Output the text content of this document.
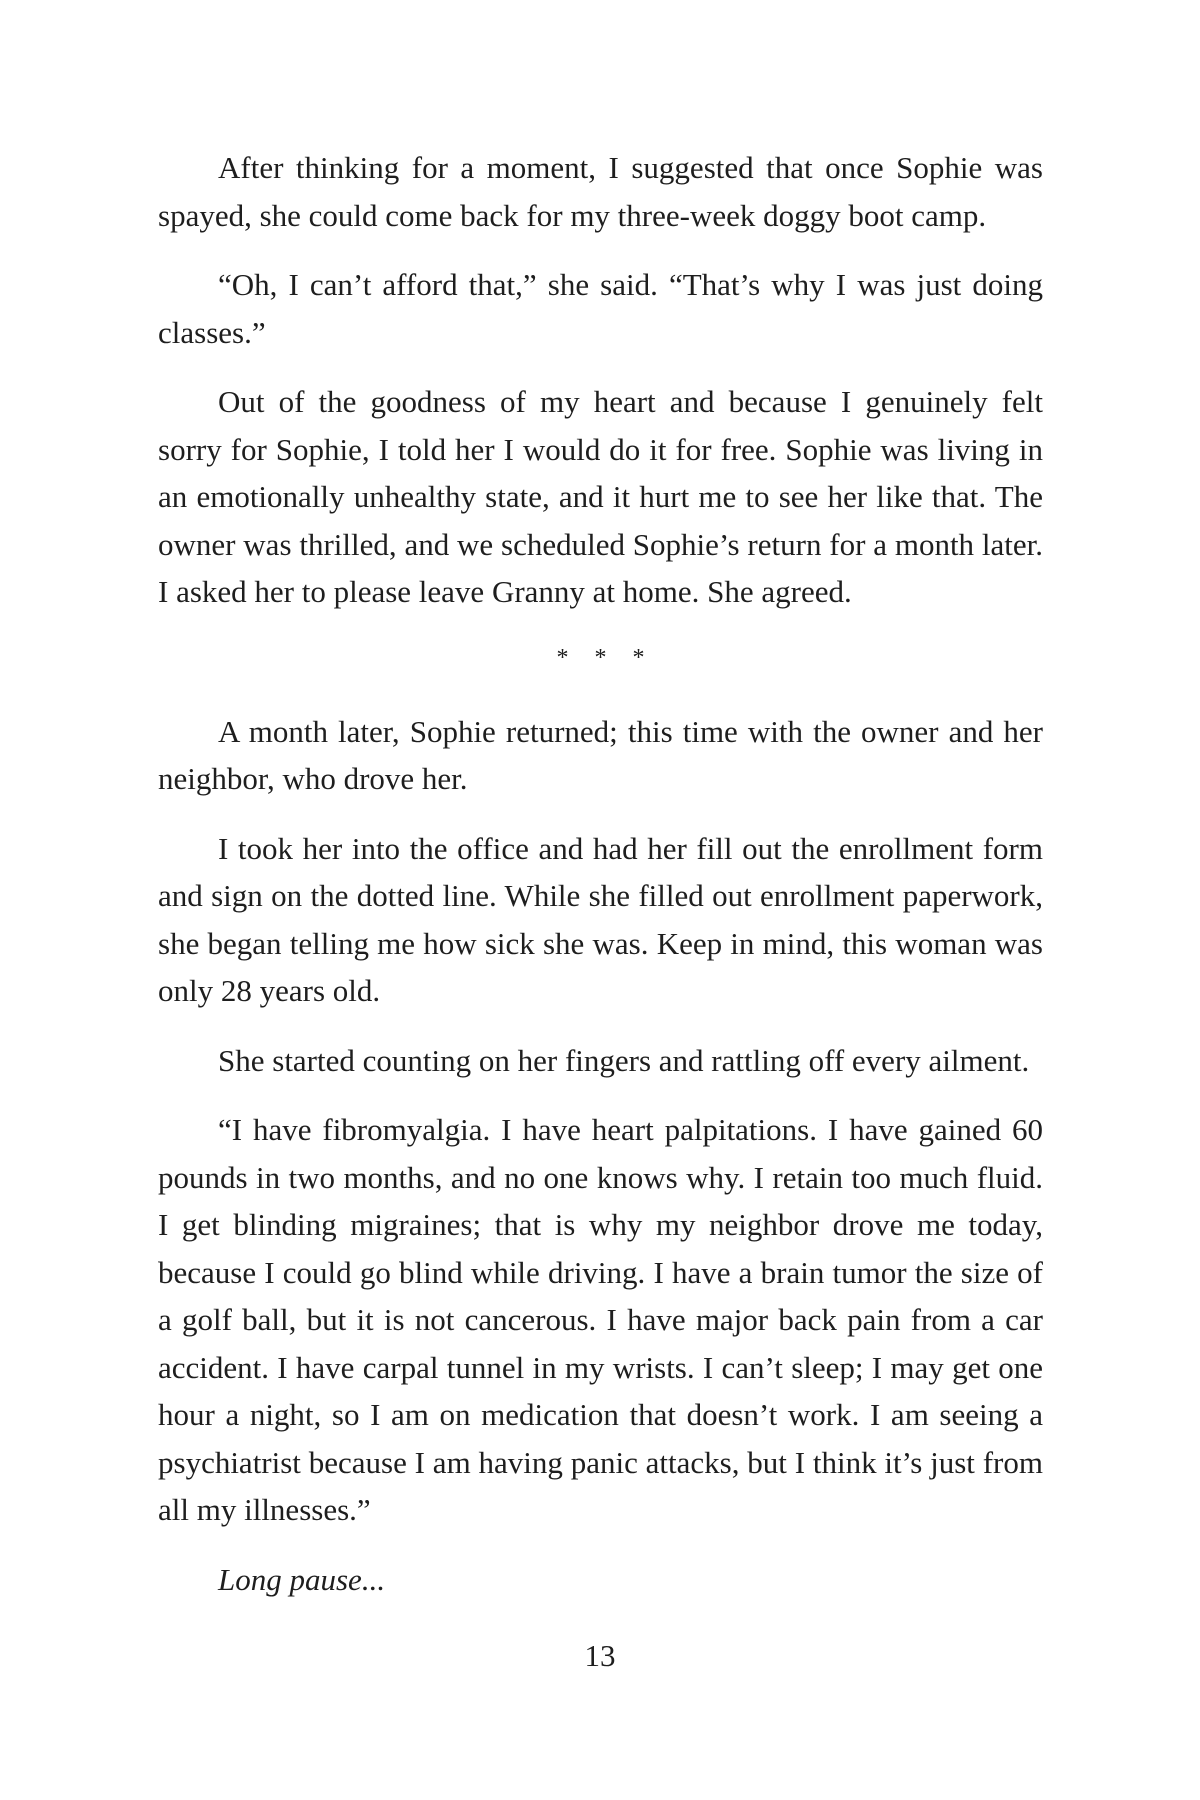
After thinking for a moment, I suggested that once Sophie was spayed, she could come back for my three-week doggy boot camp.

“Oh, I can’t afford that,” she said. “That’s why I was just doing classes.”

Out of the goodness of my heart and because I genuinely felt sorry for Sophie, I told her I would do it for free. Sophie was living in an emotionally unhealthy state, and it hurt me to see her like that. The owner was thrilled, and we scheduled Sophie’s return for a month later. I asked her to please leave Granny at home. She agreed.

* * *

A month later, Sophie returned; this time with the owner and her neighbor, who drove her.

I took her into the office and had her fill out the enrollment form and sign on the dotted line. While she filled out enrollment paperwork, she began telling me how sick she was. Keep in mind, this woman was only 28 years old.

She started counting on her fingers and rattling off every ailment.

“I have fibromyalgia. I have heart palpitations. I have gained 60 pounds in two months, and no one knows why. I retain too much fluid. I get blinding migraines; that is why my neighbor drove me today, because I could go blind while driving. I have a brain tumor the size of a golf ball, but it is not cancerous. I have major back pain from a car accident. I have carpal tunnel in my wrists. I can’t sleep; I may get one hour a night, so I am on medication that doesn’t work. I am seeing a psychiatrist because I am having panic attacks, but I think it’s just from all my illnesses.”

Long pause...

13
